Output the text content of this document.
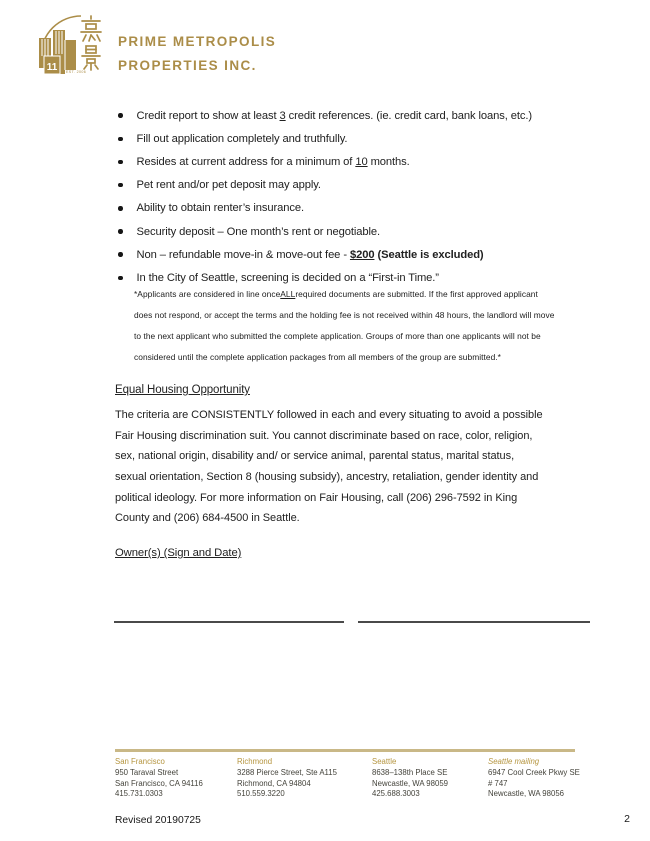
11 EST. 2006
PRIME METROPOLIS
PROPERTIES INC.
Credit report to show at least 3 credit references. (ie. credit card, bank loans, etc.)
Fill out application completely and truthfully.
Resides at current address for a minimum of 10 months.
Pet rent and/or pet deposit may apply.
Ability to obtain renter’s insurance.
Security deposit – One month’s rent or negotiable.
Non – refundable move-in & move-out fee - $200 (Seattle is excluded)
In the City of Seattle, screening is decided on a “First-in Time.”
*Applicants are considered in line once ALL required documents are submitted. If the first approved applicant
does not respond, or accept the terms and the holding fee is not received within 48 hours, the landlord will move
to the next applicant who submitted the complete application. Groups of more than one applicants will not be
considered until the complete application packages from all members of the group are submitted.*
Equal Housing Opportunity
The criteria are CONSISTENTLY followed in each and every situating to avoid a possible
Fair Housing discrimination suit. You cannot discriminate based on race, color, religion,
sex, national origin, disability and/ or service animal, parental status, marital status,
sexual orientation, Section 8 (housing subsidy), ancestry, retaliation, gender identity and
political ideology. For more information on Fair Housing, call (206) 296-7592 in King
County and (206) 684-4500 in Seattle.
Owner(s) (Sign and Date)
San Francisco
950 Taraval Street
San Francisco, CA 94116
415.731.0303
Richmond
3288 Pierce Street, Ste A115
Richmond, CA 94804
510.559.3220
Seattle
8638–138th Place SE
Newcastle, WA 98059
425.688.3003
Seattle mailing
6947 Cool Creek Pkwy SE
# 747
Newcastle, WA 98056
Revised 20190725	2
